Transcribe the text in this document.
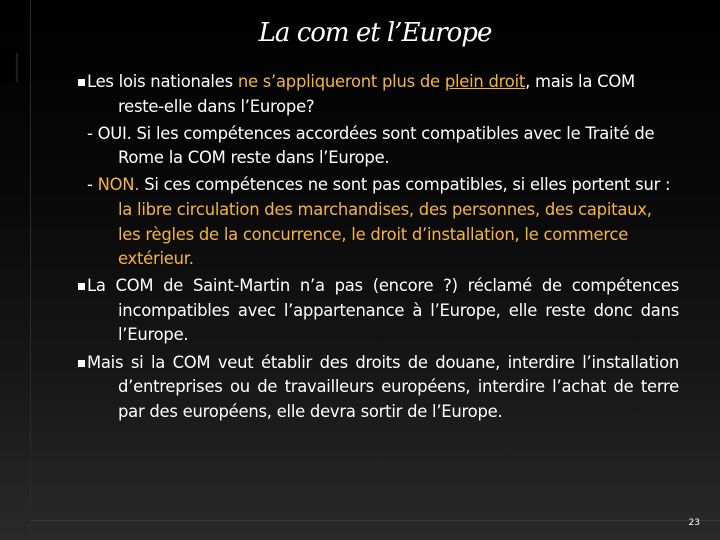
La com et l’Europe

Les lois nationales ne s’appliqueront plus de plein droit, mais la COM reste-elle dans l’Europe?

- OUI. Si les compétences accordées sont compatibles avec le Traité de Rome la COM reste dans l’Europe.

- NON. Si ces compétences ne sont pas compatibles, si elles portent sur : la libre circulation des marchandises, des personnes, des capitaux, les règles de la concurrence, le droit d’installation, le commerce extérieur.

La COM de Saint-Martin n’a pas (encore ?) réclamé de compétences incompatibles avec l’appartenance à l’Europe, elle reste donc dans l’Europe.

Mais si la COM veut établir des droits de douane, interdire l’installation d’entreprises ou de travailleurs européens, interdire l’achat de terre par des européens, elle devra sortir de l’Europe.

23
